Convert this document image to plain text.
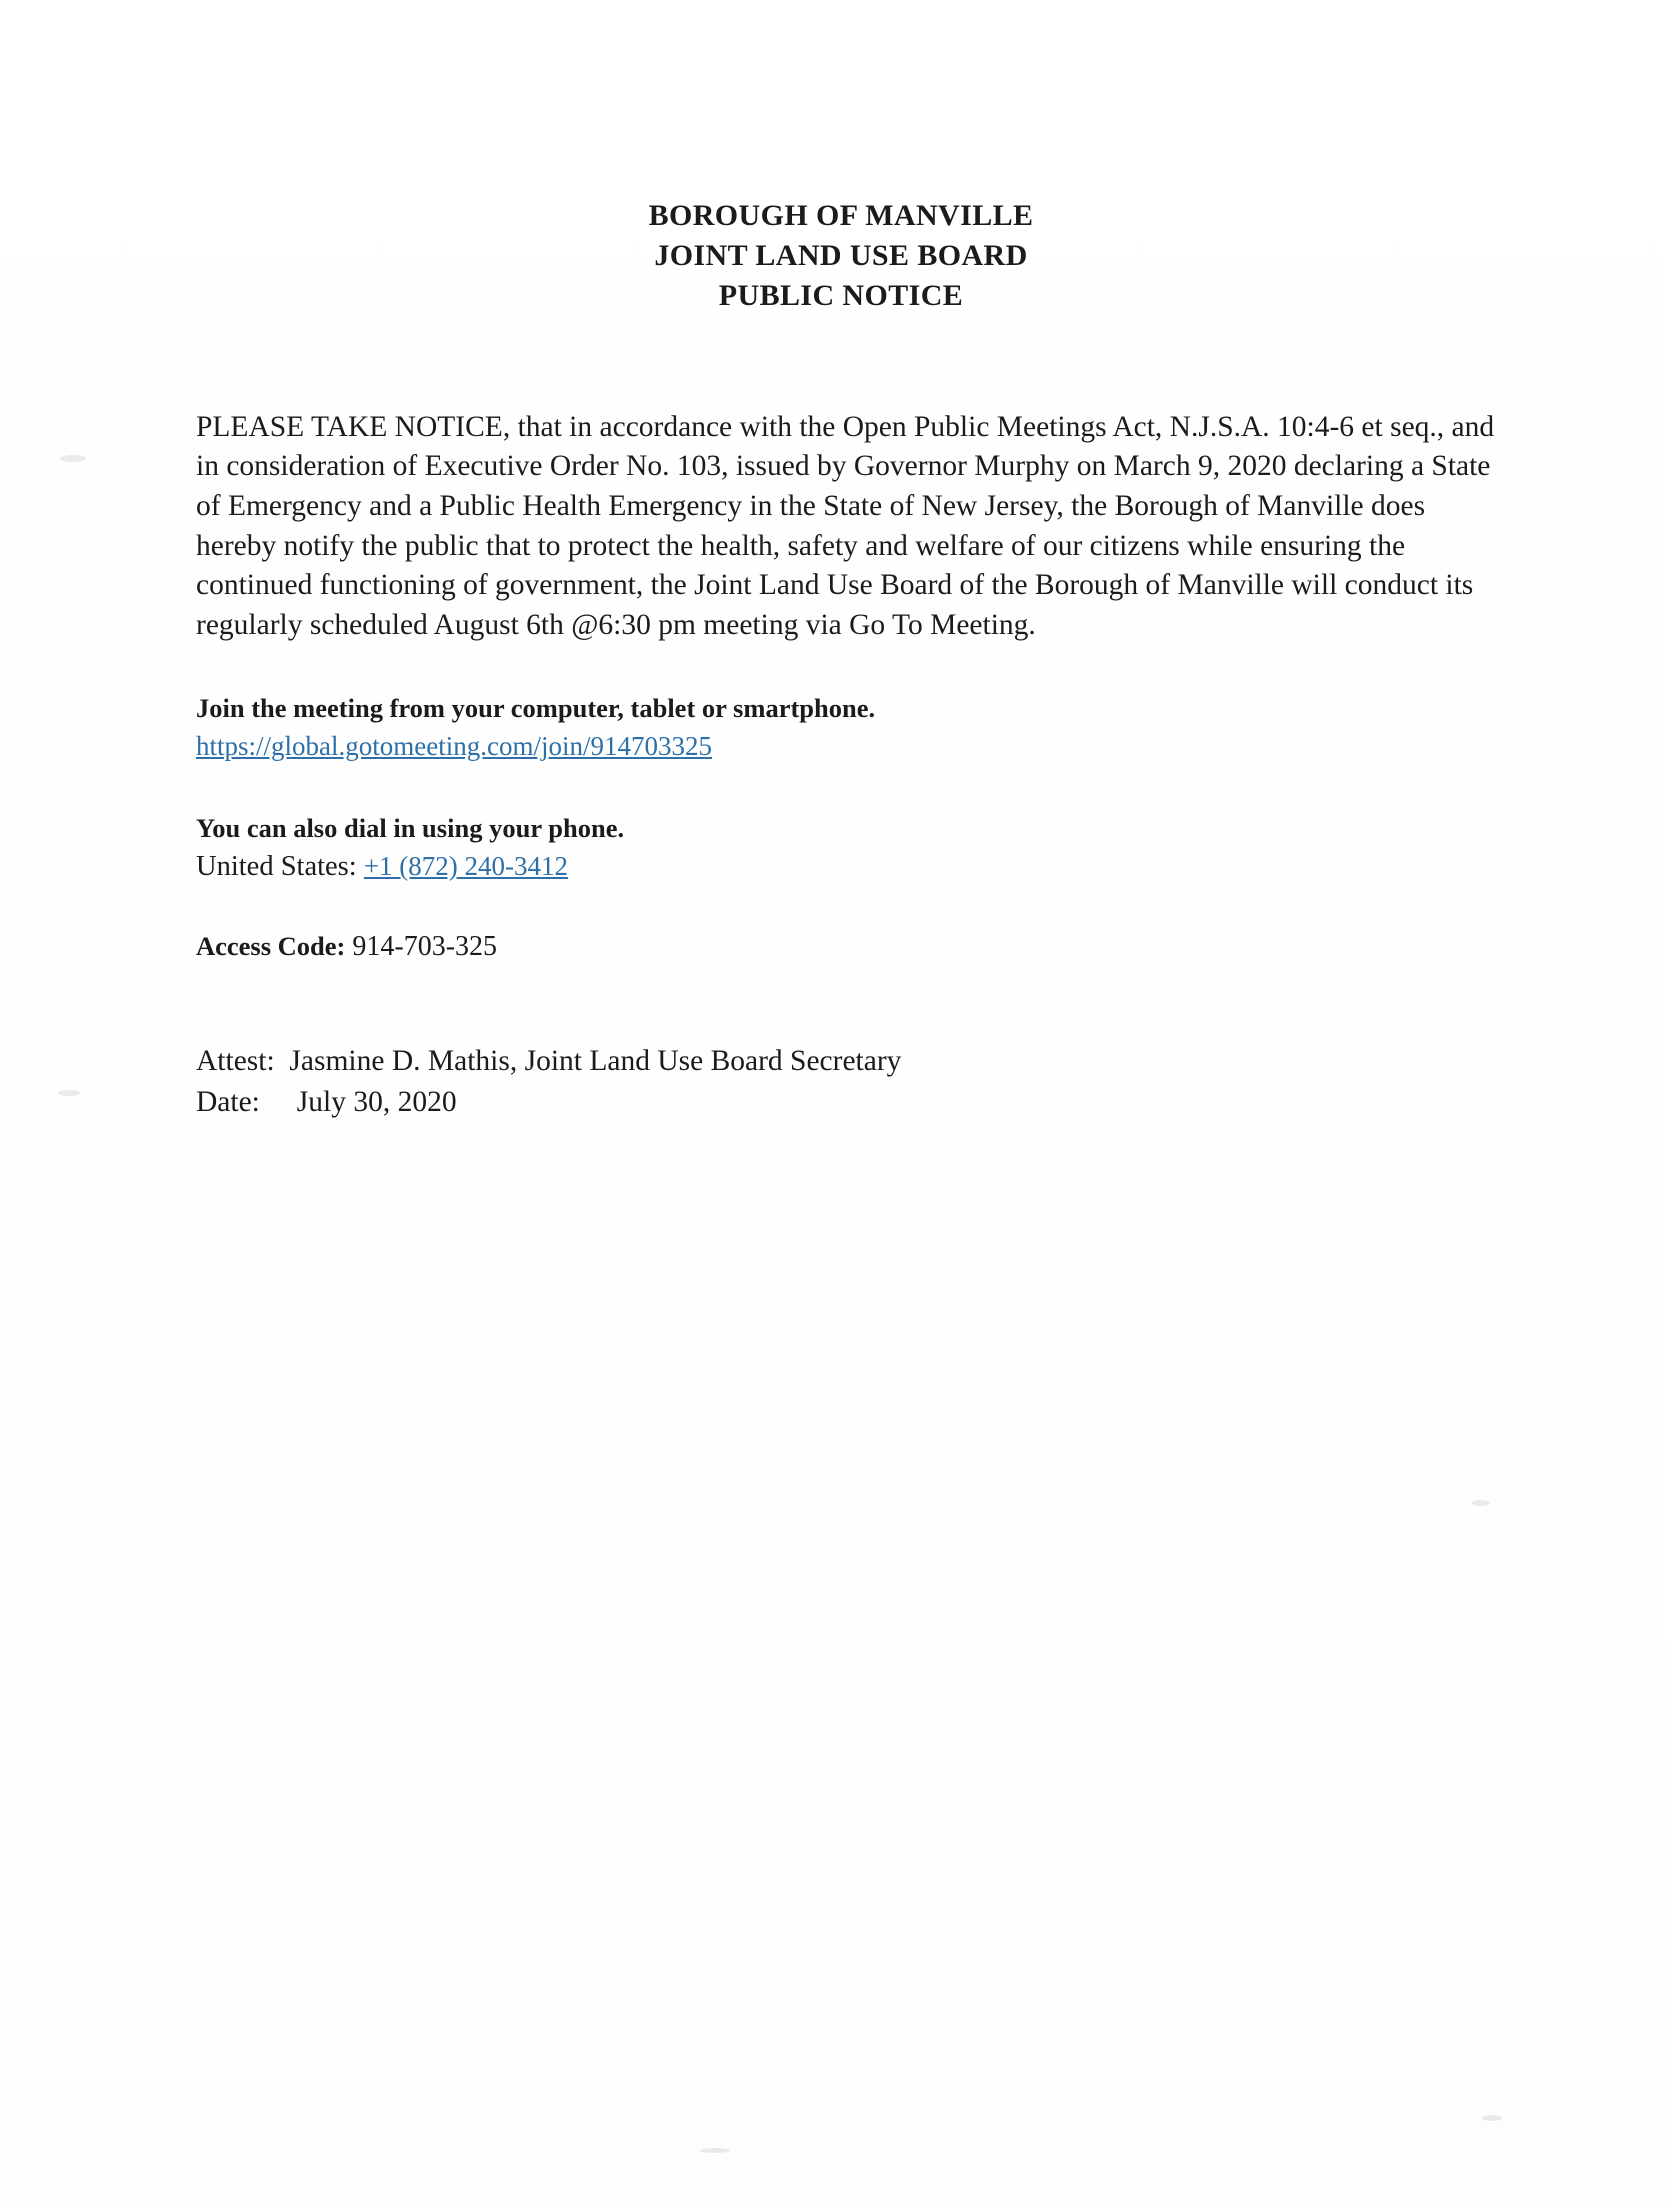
BOROUGH OF MANVILLE
JOINT LAND USE BOARD
PUBLIC NOTICE

PLEASE TAKE NOTICE, that in accordance with the Open Public Meetings Act, N.J.S.A. 10:4-6 et seq., and in consideration of Executive Order No. 103, issued by Governor Murphy on March 9, 2020 declaring a State of Emergency and a Public Health Emergency in the State of New Jersey, the Borough of Manville does hereby notify the public that to protect the health, safety and welfare of our citizens while ensuring the continued functioning of government, the Joint Land Use Board of the Borough of Manville will conduct its regularly scheduled August 6th @6:30 pm meeting via Go To Meeting.

Join the meeting from your computer, tablet or smartphone.
https://global.gotomeeting.com/join/914703325
You can also dial in using your phone.
United States: +1 (872) 240-3412
Access Code: 914-703-325
Attest:  Jasmine D. Mathis, Joint Land Use Board Secretary
Date:     July 30, 2020
